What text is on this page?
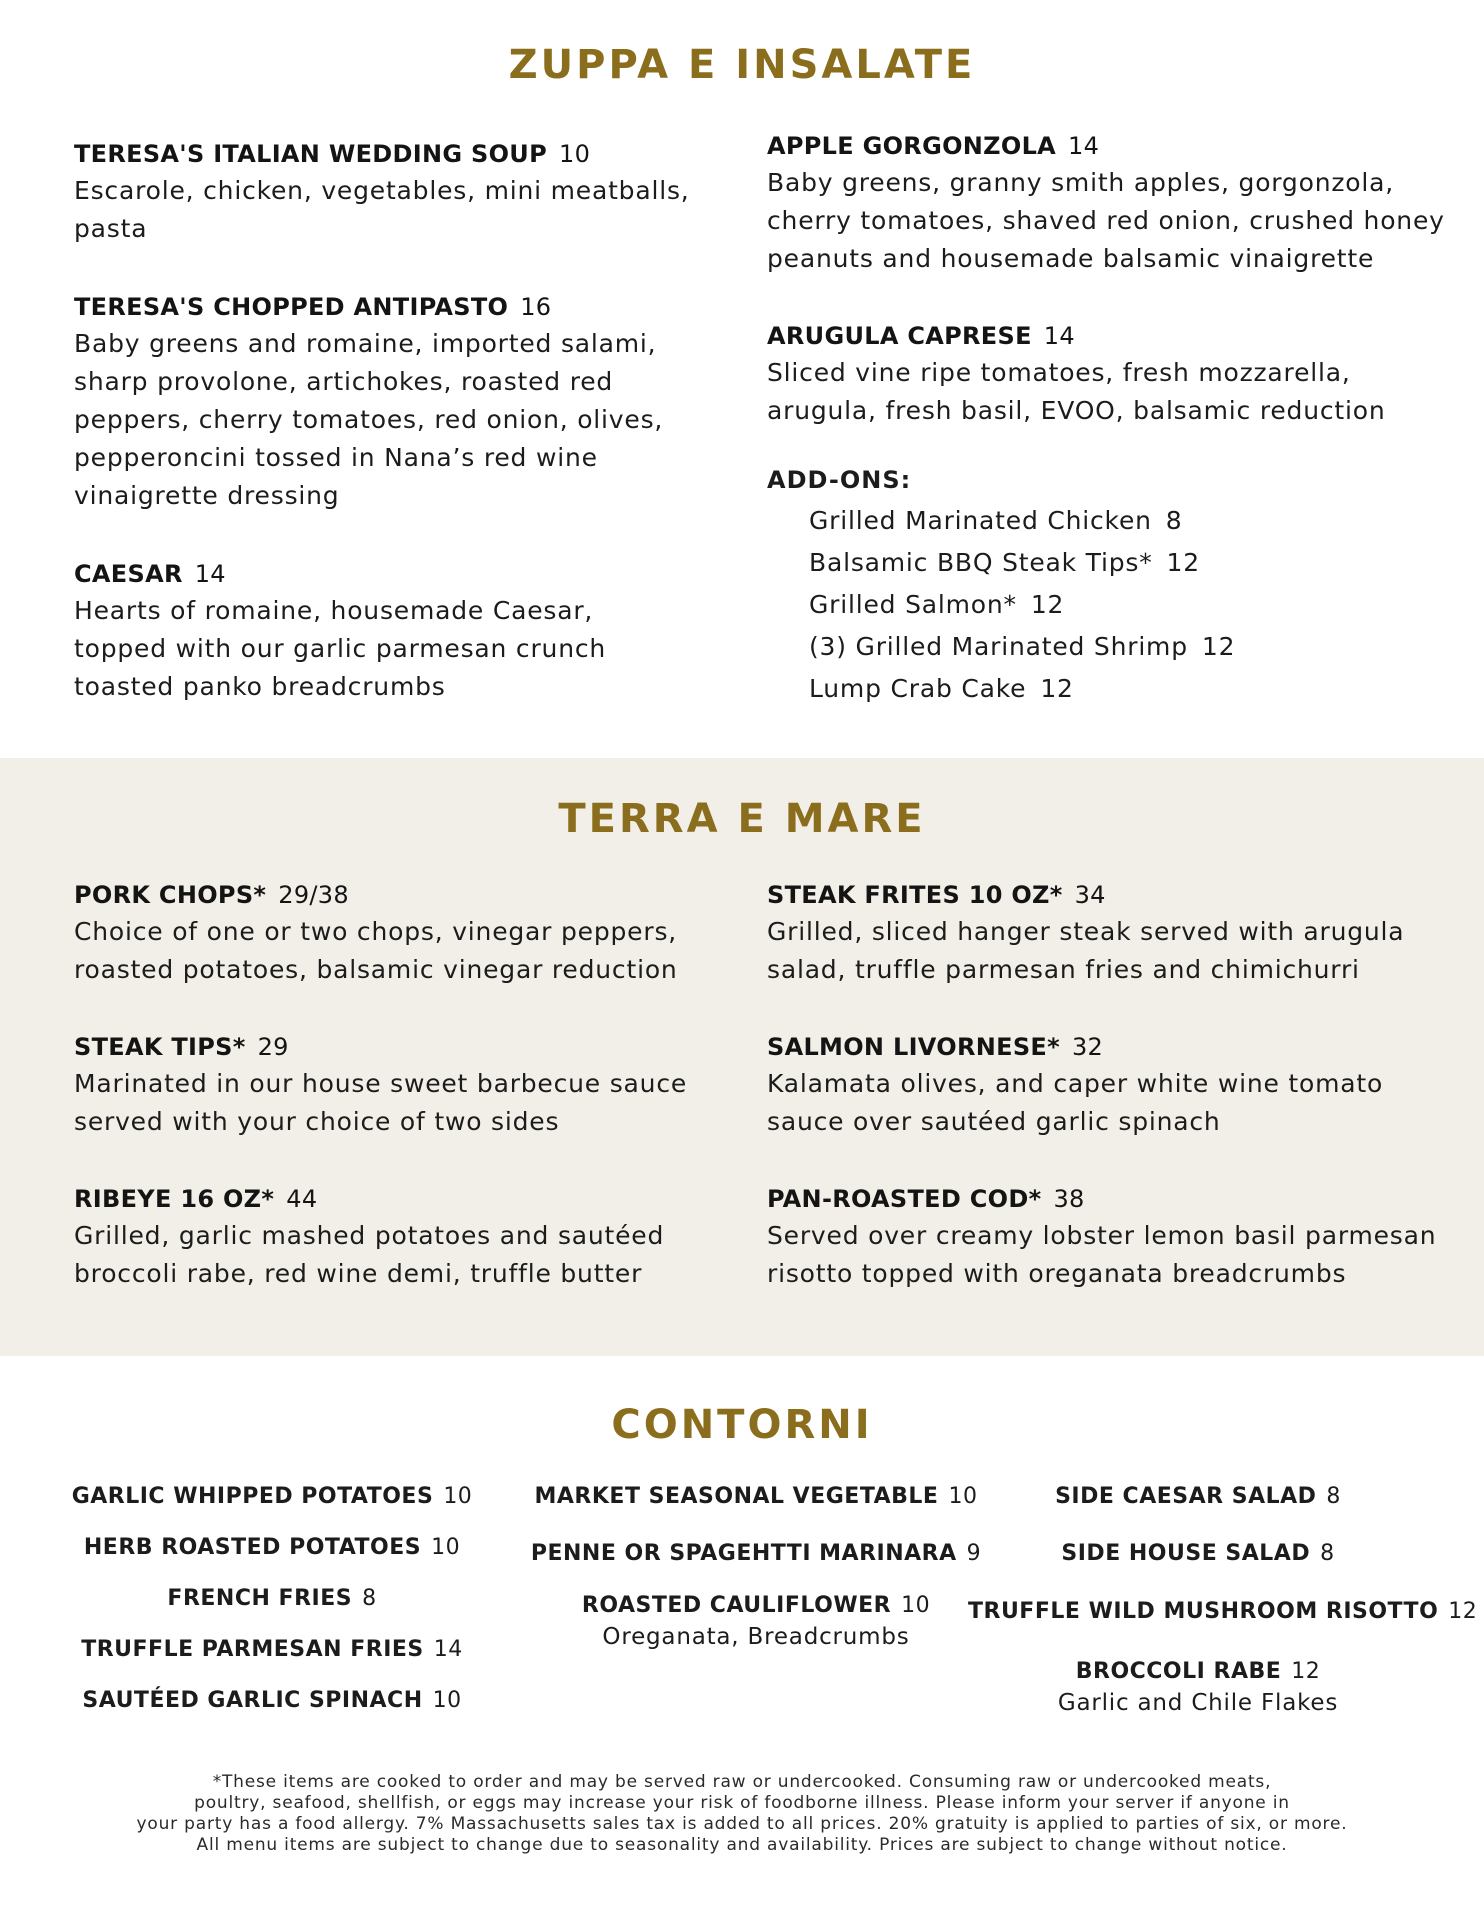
ZUPPA E INSALATE
TERESA'S ITALIAN WEDDING SOUP 10
Escarole, chicken, vegetables, mini meatballs, pasta
TERESA'S CHOPPED ANTIPASTO 16
Baby greens and romaine, imported salami, sharp provolone, artichokes, roasted red peppers, cherry tomatoes, red onion, olives, pepperoncini tossed in Nana’s red wine vinaigrette dressing
CAESAR 14
Hearts of romaine, housemade Caesar, topped with our garlic parmesan crunch toasted panko breadcrumbs
APPLE GORGONZOLA 14
Baby greens, granny smith apples, gorgonzola, cherry tomatoes, shaved red onion, crushed honey peanuts and housemade balsamic vinaigrette
ARUGULA CAPRESE 14
Sliced vine ripe tomatoes, fresh mozzarella, arugula, fresh basil, EVOO, balsamic reduction
ADD-ONS:
Grilled Marinated Chicken 8
Balsamic BBQ Steak Tips* 12
Grilled Salmon* 12
(3) Grilled Marinated Shrimp 12
Lump Crab Cake 12
TERRA E MARE
PORK CHOPS* 29/38
Choice of one or two chops, vinegar peppers, roasted potatoes, balsamic vinegar reduction
STEAK TIPS* 29
Marinated in our house sweet barbecue sauce served with your choice of two sides
RIBEYE 16 OZ* 44
Grilled, garlic mashed potatoes and sautéed broccoli rabe, red wine demi, truffle butter
STEAK FRITES 10 OZ* 34
Grilled, sliced hanger steak served with arugula salad, truffle parmesan fries and chimichurri
SALMON LIVORNESE* 32
Kalamata olives, and caper white wine tomato sauce over sautéed garlic spinach
PAN-ROASTED COD* 38
Served over creamy lobster lemon basil parmesan risotto topped with oreganata breadcrumbs
CONTORNI
GARLIC WHIPPED POTATOES 10
HERB ROASTED POTATOES 10
FRENCH FRIES 8
TRUFFLE PARMESAN FRIES 14
SAUTÉED GARLIC SPINACH 10
MARKET SEASONAL VEGETABLE 10
PENNE OR SPAGEHTTI MARINARA 9
ROASTED CAULIFLOWER 10
Oreganata, Breadcrumbs
SIDE CAESAR SALAD 8
SIDE HOUSE SALAD 8
TRUFFLE WILD MUSHROOM RISOTTO 12
BROCCOLI RABE 12
Garlic and Chile Flakes
*These items are cooked to order and may be served raw or undercooked. Consuming raw or undercooked meats,
poultry, seafood, shellfish, or eggs may increase your risk of foodborne illness. Please inform your server if anyone in
your party has a food allergy. 7% Massachusetts sales tax is added to all prices. 20% gratuity is applied to parties of six, or more.
All menu items are subject to change due to seasonality and availability. Prices are subject to change without notice.
